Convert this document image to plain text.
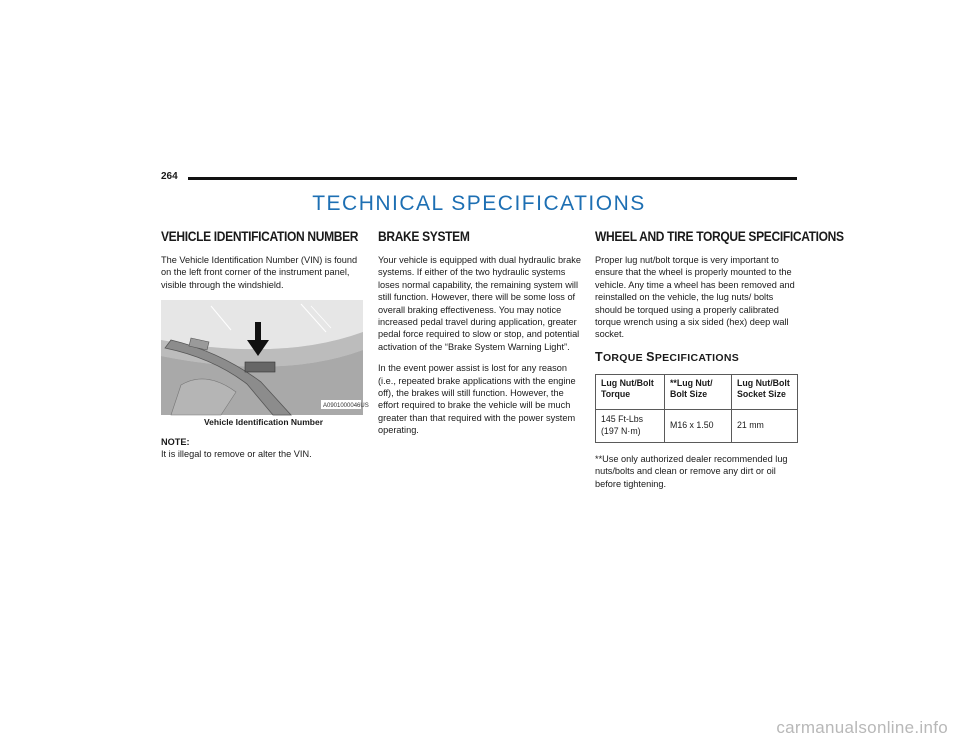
264
TECHNICAL SPECIFICATIONS
VEHICLE IDENTIFICATION NUMBER

The Vehicle Identification Number (VIN) is found on the left front corner of the instrument panel, visible through the windshield.

A0901000046US
Vehicle Identification Number
NOTE:

It is illegal to remove or alter the VIN.

BRAKE SYSTEM

Your vehicle is equipped with dual hydraulic brake systems. If either of the two hydraulic systems loses normal capability, the remaining system will still function. However, there will be some loss of overall braking effectiveness. You may notice increased pedal travel during application, greater pedal force required to slow or stop, and potential activation of the “Brake System Warning Light”.

In the event power assist is lost for any reason (i.e., repeated brake applications with the engine off), the brakes will still function. However, the effort required to brake the vehicle will be much greater than that required with the power system operating.

WHEEL AND TIRE TORQUE SPECIFICATIONS

Proper lug nut/bolt torque is very important to ensure that the wheel is properly mounted to the vehicle. Any time a wheel has been removed and reinstalled on the vehicle, the lug nuts/ bolts should be torqued using a properly calibrated torque wrench using a six sided (hex) deep wall socket.

TORQUE SPECIFICATIONS
Lug Nut/Bolt Torque	**Lug Nut/ Bolt Size	Lug Nut/Bolt Socket Size
145 Ft-Lbs (197 N·m)	M16 x 1.50	21 mm

**Use only authorized dealer recommended lug nuts/bolts and clean or remove any dirt or oil before tightening.

carmanualsonline.info
